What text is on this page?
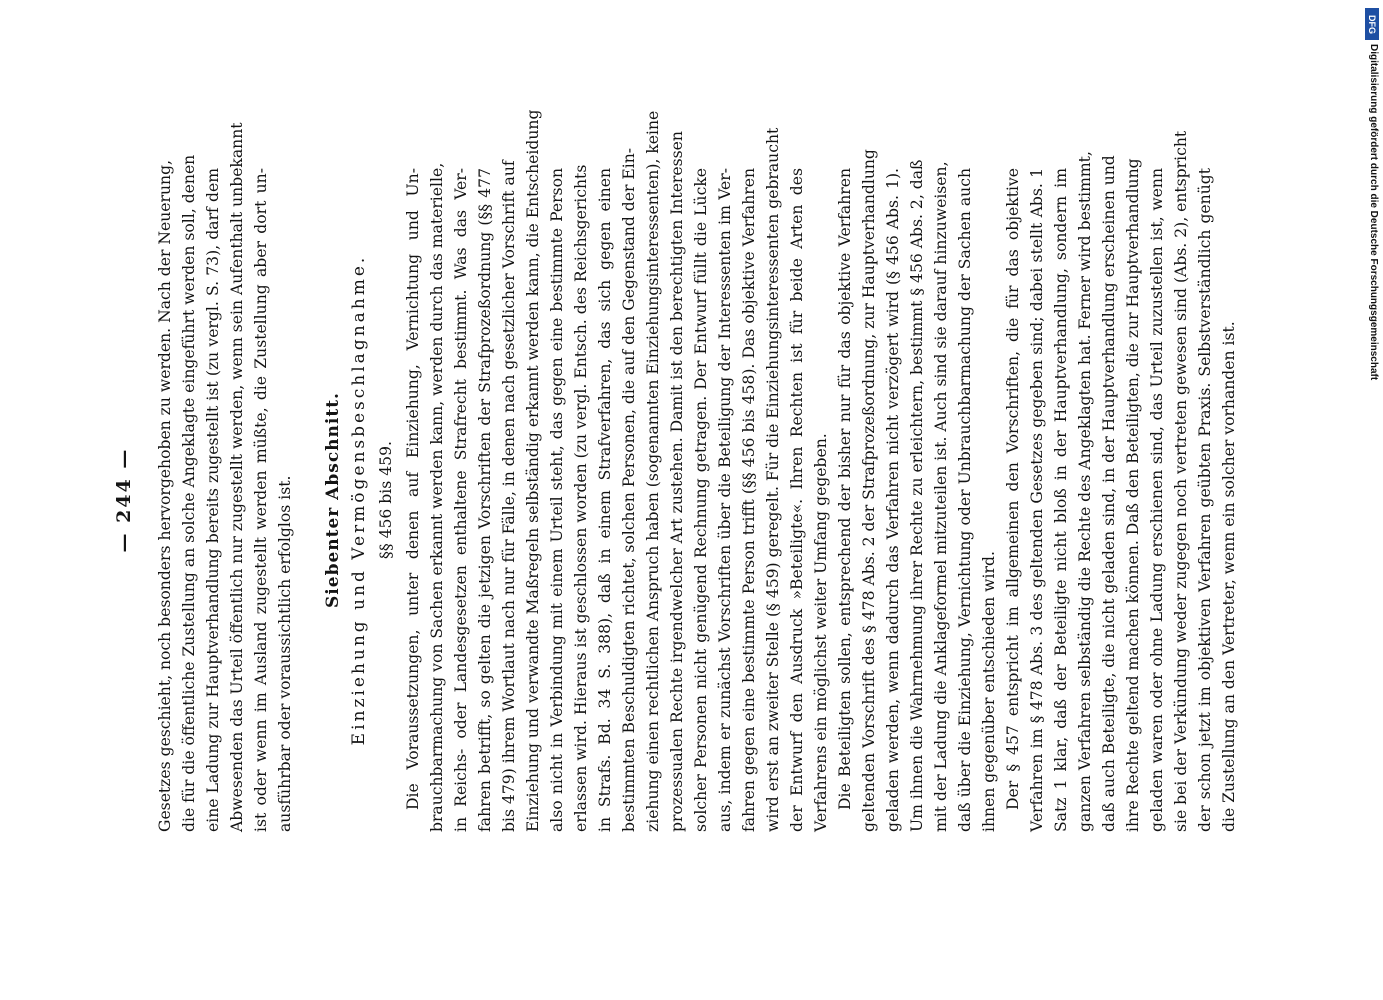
— 244 — Gesetzes geschieht, noch besonders hervorgehoben zu werden. Nach der Neuerung, die für die öffentliche Zustellung an solche Angeklagte eingeführt werden soll, denen eine Ladung zur Hauptverhandlung bereits zugestellt ist (zu vergl. S. 73), darf dem Abwesenden das Urteil öffentlich nur zugestellt werden, wenn sein Aufenthalt unbekannt ist oder wenn im Ausland zugestellt werden müßte, die Zustellung aber dort un- ausführbar oder voraussichtlich erfolglos ist. Siebenter Abschnitt. Einziehung und Vermögensbeschlagnahme. §§ 456 bis 459. Die Voraussetzungen, unter denen auf Einziehung, Vernichtung und Un- brauchbarmachung von Sachen erkannt werden kann, werden durch das materielle, in Reichs- oder Landesgesetzen enthaltene Strafrecht bestimmt. Was das Ver- fahren betrifft, so gelten die jetzigen Vorschriften der Strafprozeßordnung (§§ 477 bis 479) ihrem Wortlaut nach nur für Fälle, in denen nach gesetzlicher Vorschrift auf Einziehung und verwandte Maßregeln selbständig erkannt werden kann, die Entscheidung also nicht in Verbindung mit einem Urteil steht, das gegen eine bestimmte Person erlassen wird. Hieraus ist geschlossen worden (zu vergl. Entsch. des Reichsgerichts in Strafs. Bd. 34 S. 388), daß in einem Strafverfahren, das sich gegen einen bestimmten Beschuldigten richtet, solchen Personen, die auf den Gegenstand der Ein- ziehung einen rechtlichen Anspruch haben (sogenannten Einziehungsinteressenten), keine prozessualen Rechte irgendwelcher Art zustehen. Damit ist den berechtigten Interessen solcher Personen nicht genügend Rechnung getragen. Der Entwurf füllt die Lücke aus, indem er zunächst Vorschriften über die Beteiligung der Interessenten im Ver- fahren gegen eine bestimmte Person trifft (§§ 456 bis 458). Das objektive Verfahren wird erst an zweiter Stelle (§ 459) geregelt. Für die Einziehungsinteressenten gebraucht der Entwurf den Ausdruck »Beteiligte«. Ihren Rechten ist für beide Arten des Verfahrens ein möglichst weiter Umfang gegeben. Die Beteiligten sollen, entsprechend der bisher nur für das objektive Verfahren geltenden Vorschrift des § 478 Abs. 2 der Strafprozeßordnung, zur Hauptverhandlung geladen werden, wenn dadurch das Verfahren nicht verzögert wird (§ 456 Abs. 1). Um ihnen die Wahrnehmung ihrer Rechte zu erleichtern, bestimmt § 456 Abs. 2, daß mit der Ladung die Anklageformel mitzuteilen ist. Auch sind sie darauf hinzuweisen, daß über die Einziehung, Vernichtung oder Unbrauchbarmachung der Sachen auch ihnen gegenüber entschieden wird. Der § 457 entspricht im allgemeinen den Vorschriften, die für das objektive Verfahren im § 478 Abs. 3 des geltenden Gesetzes gegeben sind; dabei stellt Abs. 1 Satz 1 klar, daß der Beteiligte nicht bloß in der Hauptverhandlung, sondern im ganzen Verfahren selbständig die Rechte des Angeklagten hat. Ferner wird bestimmt, daß auch Beteiligte, die nicht geladen sind, in der Hauptverhandlung erscheinen und ihre Rechte geltend machen können. Daß den Beteiligten, die zur Hauptverhandlung geladen waren oder ohne Ladung erschienen sind, das Urteil zuzustellen ist, wenn sie bei der Verkündung weder zugegen noch vertreten gewesen sind (Abs. 2), entspricht der schon jetzt im objektiven Verfahren geübten Praxis. Selbstverständlich genügt die Zustellung an den Vertreter, wenn ein solcher vorhanden ist.
DFG
Digitalisierung gefördert durch die Deutsche Forschungsgemeinschaft
